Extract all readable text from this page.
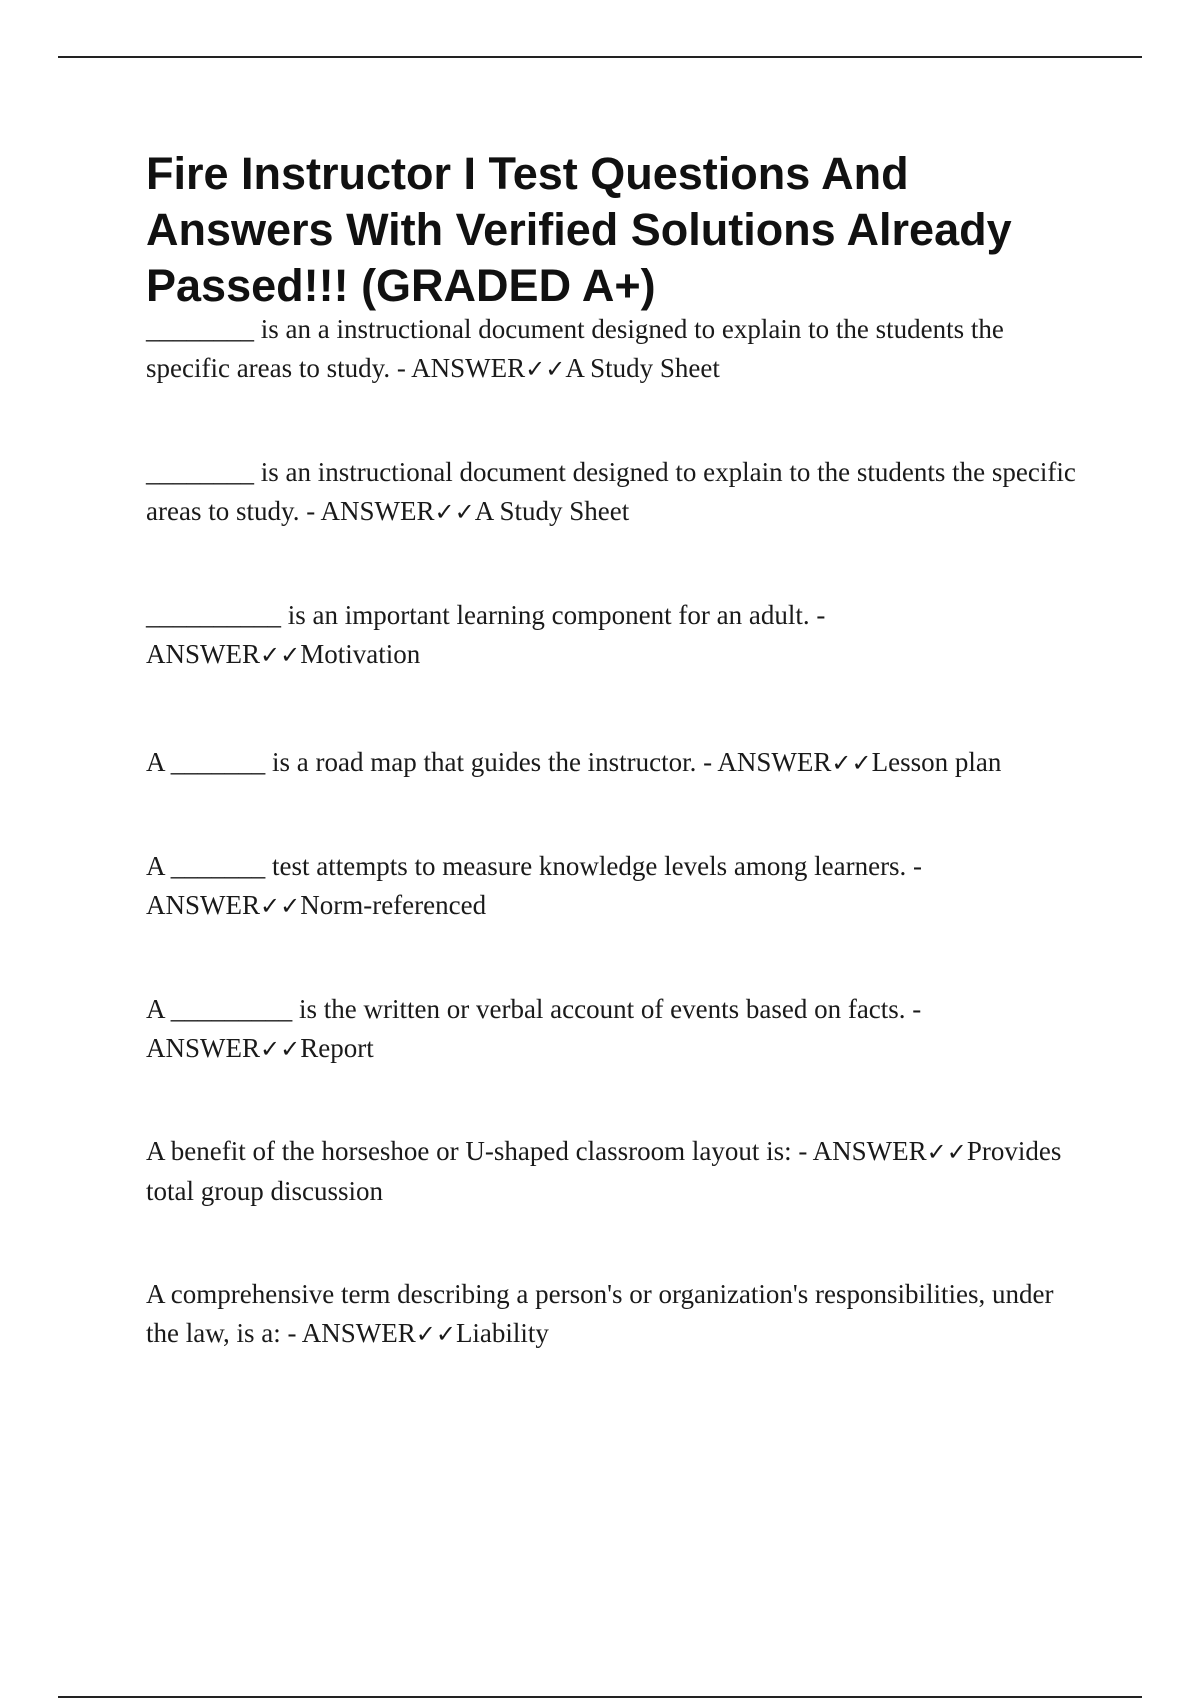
Fire Instructor I Test Questions And Answers With Verified Solutions Already Passed!!! (GRADED A+)

________ is an a instructional document designed to explain to the students the specific areas to study. - ANSWER✓✓A Study Sheet

________ is an instructional document designed to explain to the students the specific areas to study. - ANSWER✓✓A Study Sheet

__________ is an important learning component for an adult. - ANSWER✓✓Motivation

A _______ is a road map that guides the instructor. - ANSWER✓✓Lesson plan

A _______ test attempts to measure knowledge levels among learners. - ANSWER✓✓Norm-referenced

A _________ is the written or verbal account of events based on facts. - ANSWER✓✓Report

A benefit of the horseshoe or U-shaped classroom layout is: - ANSWER✓✓Provides total group discussion

A comprehensive term describing a person's or organization's responsibilities, under the law, is a: - ANSWER✓✓Liability
